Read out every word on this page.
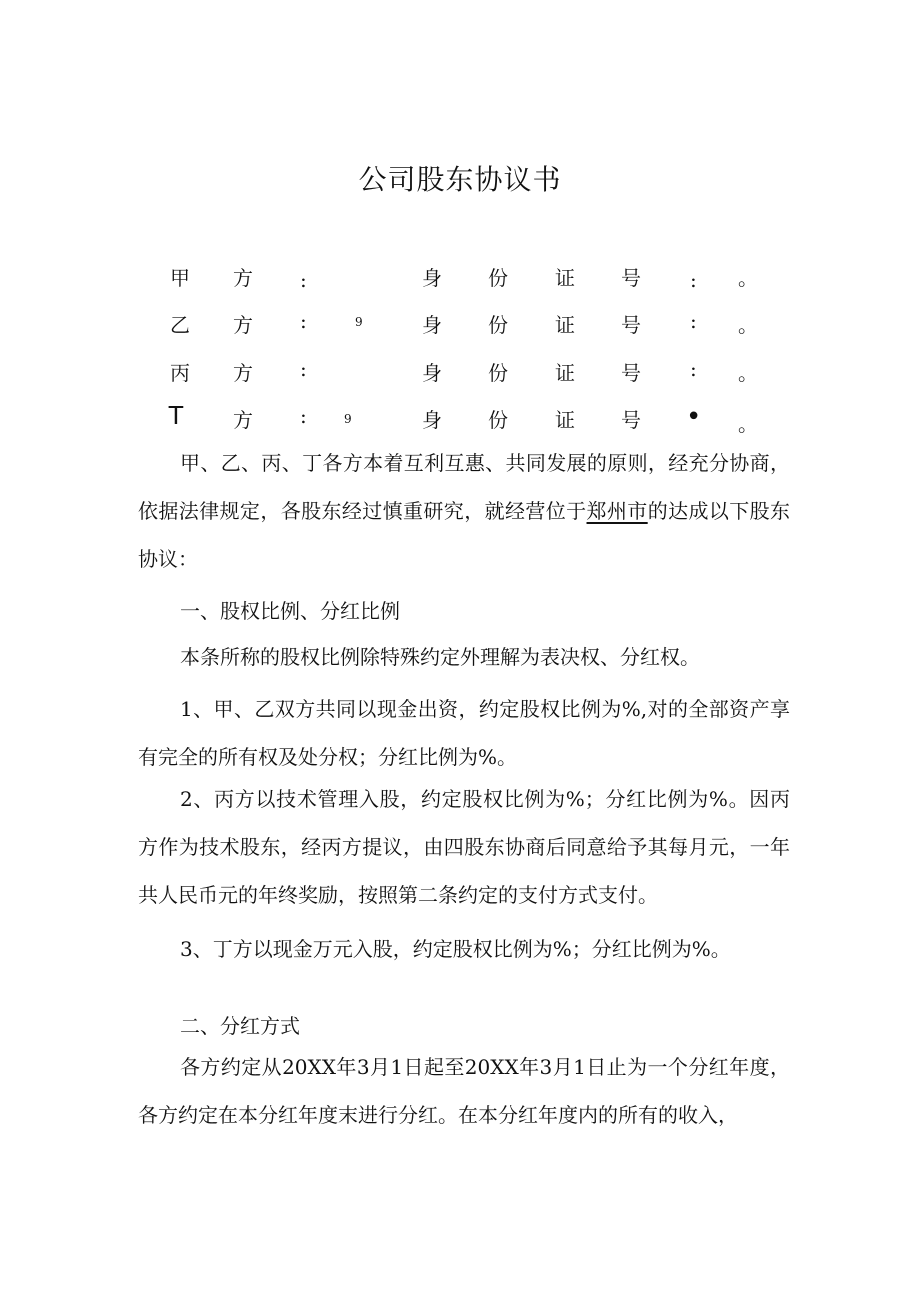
公司股东协议书
甲 方 :	身 份 证 号 : 。
乙 方 :	9	身 份 证 号 : 。
丙 方 :	身 份 证 号 : 。
T 方 :	9	身 份 证 号 • 。

甲、乙、丙、丁各方本着互利互惠、共同发展的原则，经充分协商，依据法律规定，各股东经过慎重研究，就经营位于郑州市的达成以下股东协议：

一、股权比例、分红比例

本条所称的股权比例除特殊约定外理解为表决权、分红权。

1、甲、乙双方共同以现金出资，约定股权比例为%,对的全部资产享有完全的所有权及处分权；分红比例为%。

2、丙方以技术管理入股，约定股权比例为%；分红比例为%。因丙方作为技术股东，经丙方提议，由四股东协商后同意给予其每月元，一年共人民币元的年终奖励，按照第二条约定的支付方式支付。

3、丁方以现金万元入股，约定股权比例为%；分红比例为%。

二、分红方式

各方约定从20XX年3月1日起至20XX年3月1日止为一个分红年度，各方约定在本分红年度末进行分红。在本分红年度内的所有的收入，
